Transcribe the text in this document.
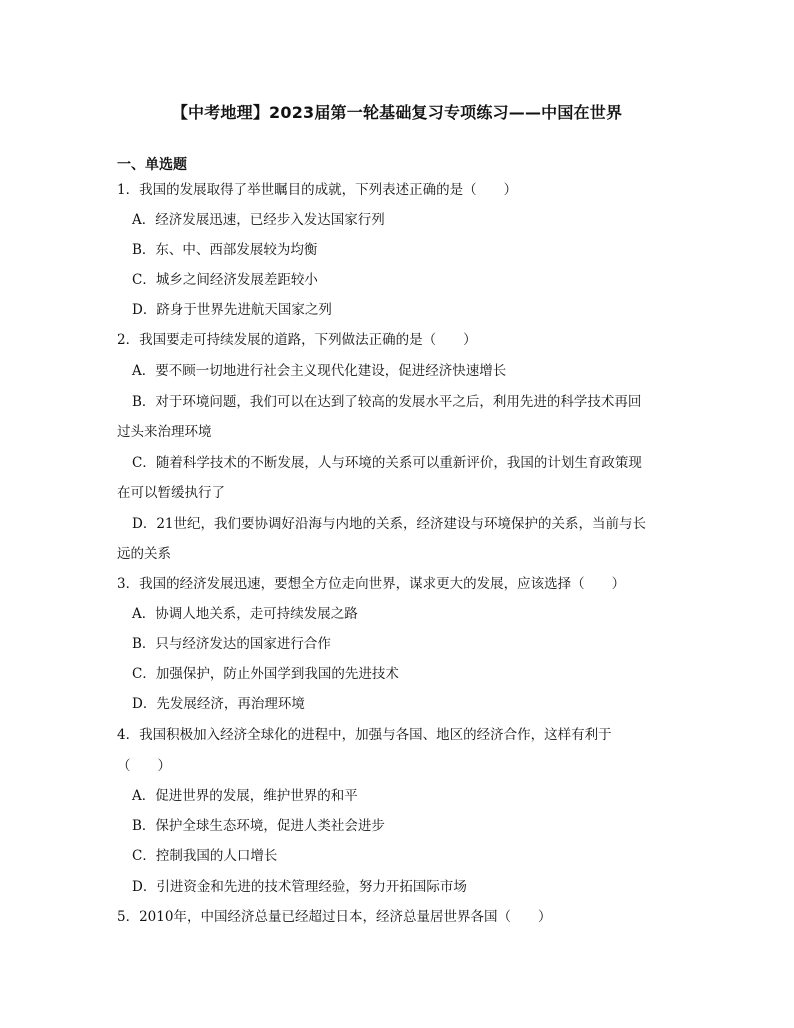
【中考地理】2023届第一轮基础复习专项练习——中国在世界
一、单选题
1．我国的发展取得了举世瞩目的成就，下列表述正确的是（　　）
A．经济发展迅速，已经步入发达国家行列
B．东、中、西部发展较为均衡
C．城乡之间经济发展差距较小
D．跻身于世界先进航天国家之列
2．我国要走可持续发展的道路，下列做法正确的是（　　）
A．要不顾一切地进行社会主义现代化建设，促进经济快速增长
B．对于环境问题，我们可以在达到了较高的发展水平之后，利用先进的科学技术再回
过头来治理环境
C．随着科学技术的不断发展，人与环境的关系可以重新评价，我国的计划生育政策现
在可以暂缓执行了
D．21世纪，我们要协调好沿海与内地的关系，经济建设与环境保护的关系，当前与长
远的关系
3．我国的经济发展迅速，要想全方位走向世界，谋求更大的发展，应该选择（　　）
A．协调人地关系，走可持续发展之路
B．只与经济发达的国家进行合作
C．加强保护，防止外国学到我国的先进技术
D．先发展经济，再治理环境
4．我国积极加入经济全球化的进程中，加强与各国、地区的经济合作，这样有利于
（　　）
A．促进世界的发展，维护世界的和平
B．保护全球生态环境，促进人类社会进步
C．控制我国的人口增长
D．引进资金和先进的技术管理经验，努力开拓国际市场
5．2010年，中国经济总量已经超过日本，经济总量居世界各国（　　）
